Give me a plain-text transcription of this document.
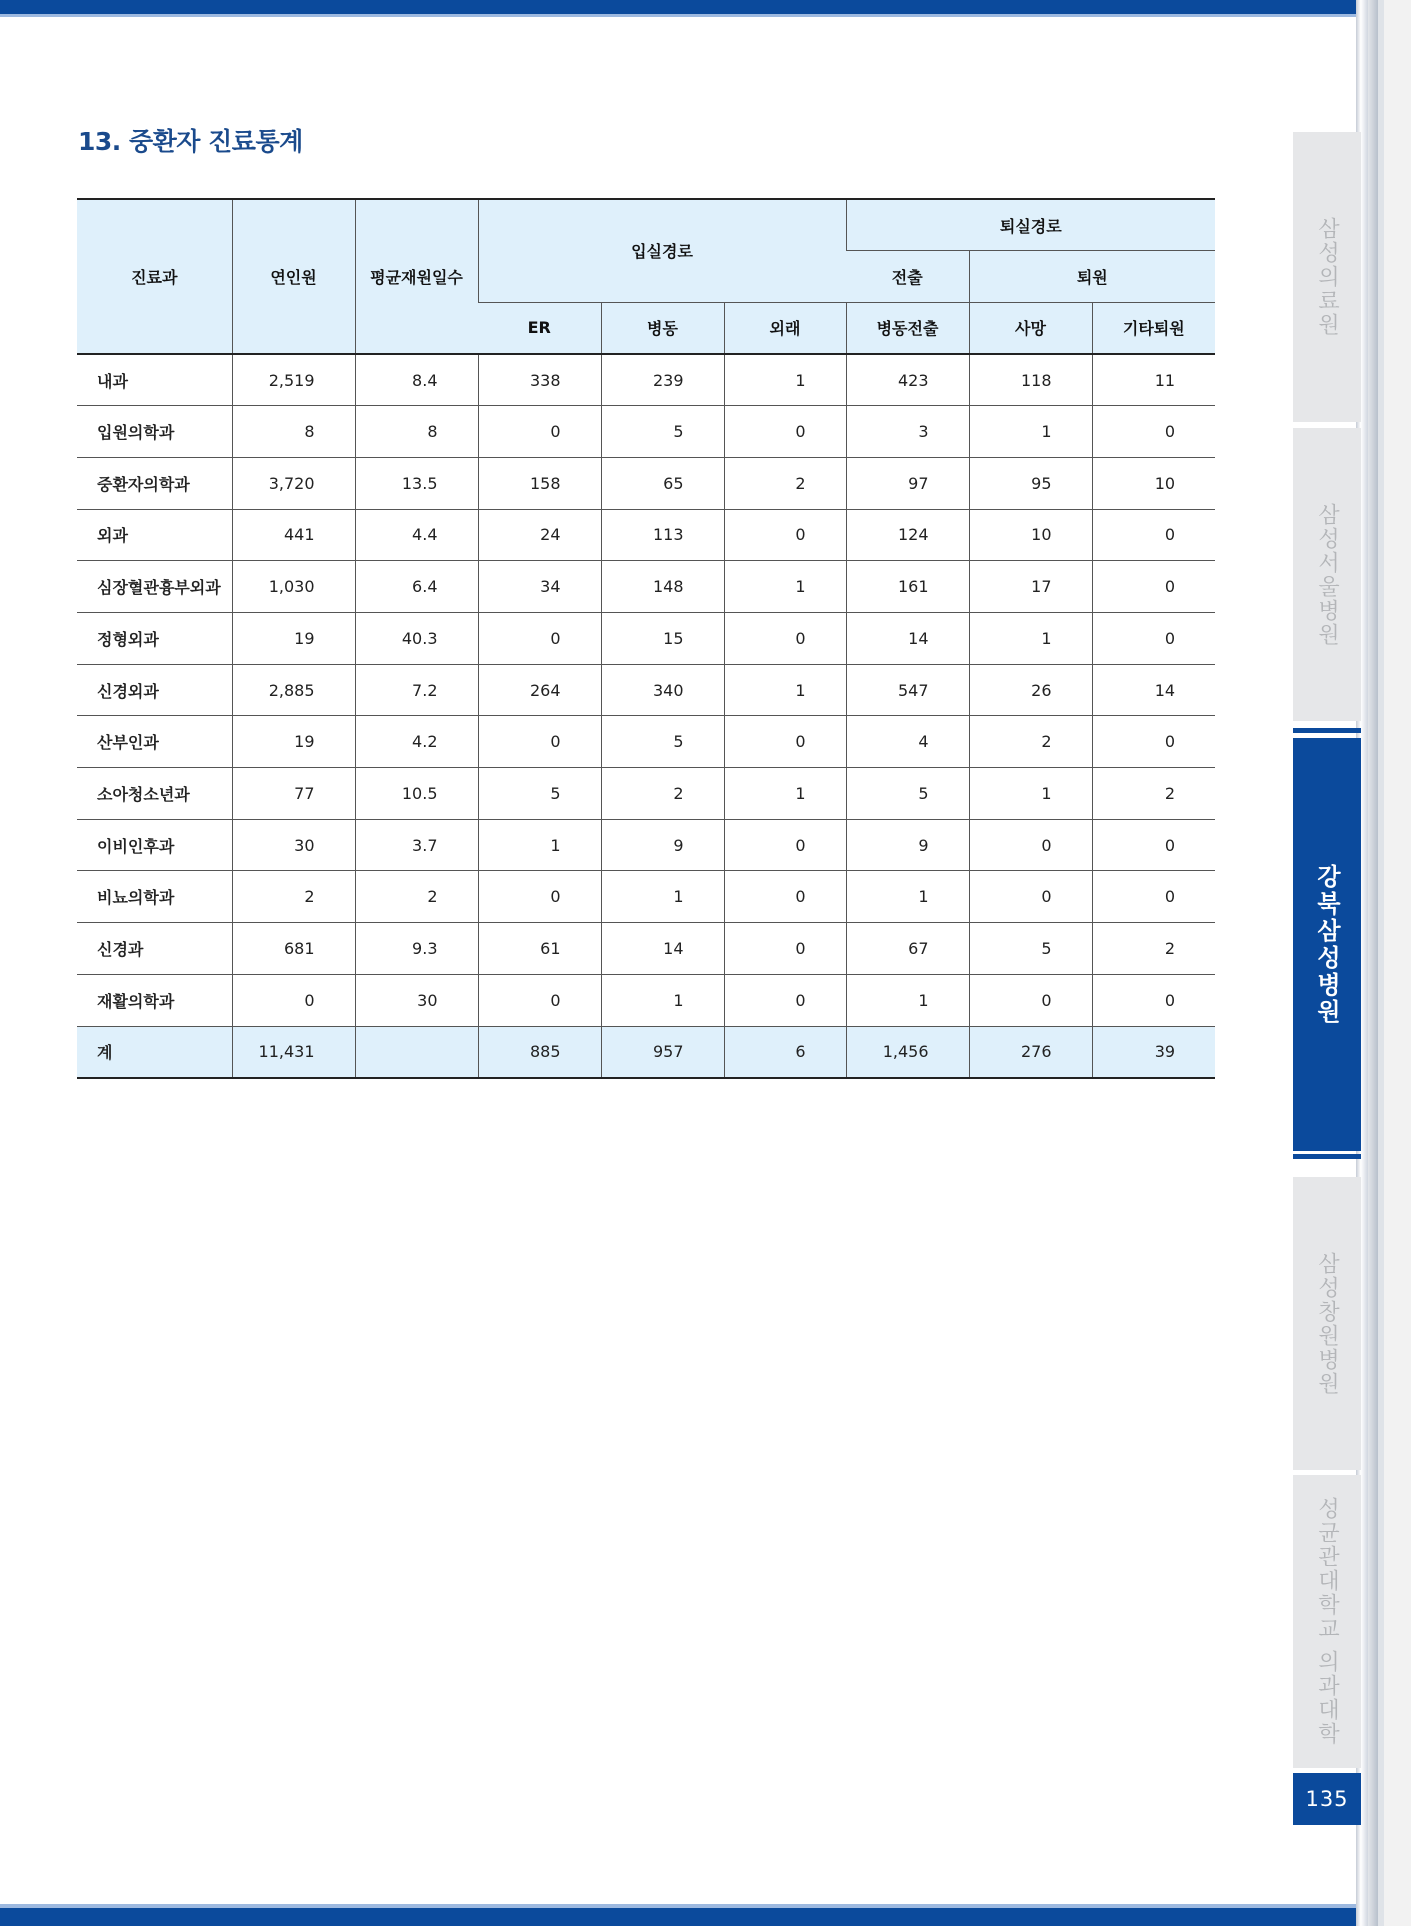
13. 중환자 진료통계
진료과	연인원	평균재원일수	입실경로			퇴실경로		
						전출	퇴원	
			ER	병동	외래	병동전출	사망	기타퇴원
내과	2,519	8.4	338	239	1	423	118	11
입원의학과	8	8	0	5	0	3	1	0
중환자의학과	3,720	13.5	158	65	2	97	95	10
외과	441	4.4	24	113	0	124	10	0
심장혈관흉부외과	1,030	6.4	34	148	1	161	17	0
정형외과	19	40.3	0	15	0	14	1	0
신경외과	2,885	7.2	264	340	1	547	26	14
산부인과	19	4.2	0	5	0	4	2	0
소아청소년과	77	10.5	5	2	1	5	1	2
이비인후과	30	3.7	1	9	0	9	0	0
비뇨의학과	2	2	0	1	0	1	0	0
신경과	681	9.3	61	14	0	67	5	2
재활의학과	0	30	0	1	0	1	0	0
계	11,431		885	957	6	1,456	276	39
삼성의료원
삼성서울병원
강북삼성병원
삼성창원병원
성균관대학교 의과대학
135
